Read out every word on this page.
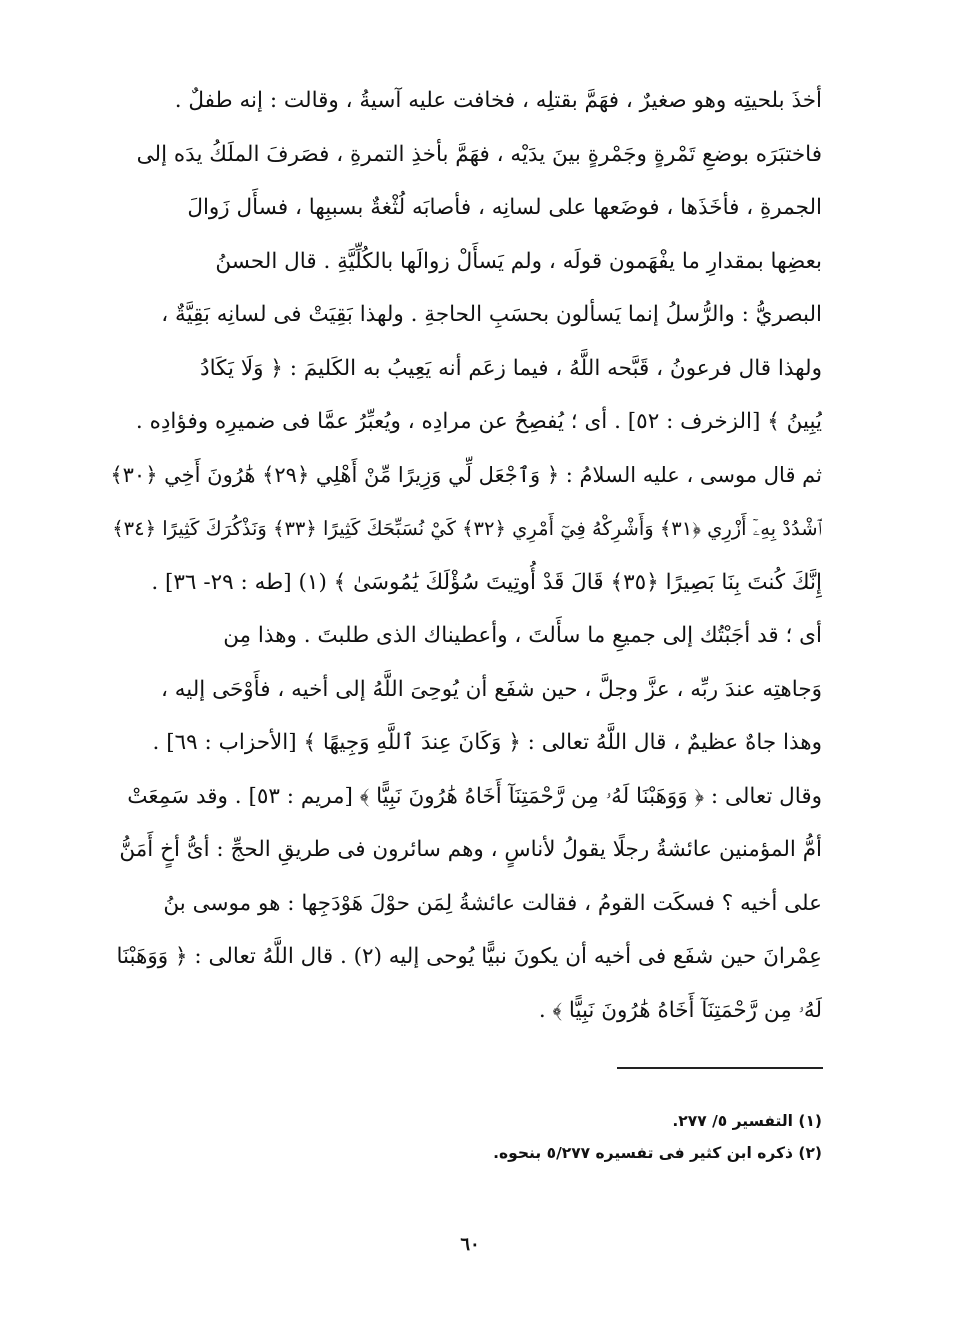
أخذَ بلحيتِه وهو صغيرٌ ، فهَمَّ بقتلِه ، فخافت عليه آسيةُ ، وقالت : إنه طفلٌ .
فاختبَرَه بوضعِ تَمْرةٍ وجَمْرةٍ بينَ يدَيْه ، فهَمَّ بأخذِ التمرةِ ، فصَرفَ الملَكُ يدَه إلى
الجمرةِ ، فأخَذَها ، فوضَعها على لسانِه ، فأصابَه لُثْغةٌ بسببِها ، فسأَل زَوالَ
بعضِها بمقدارِ ما يفْهَمون قولَه ، ولم يَسأَلْ زوالَها بالكُلِّيَّةِ . قال الحسنُ
البصريُّ : والرُّسلُ إنما يَسألون بحسَبِ الحاجةِ . ولهذا بَقِيَتْ فى لسانِه بَقِيَّةٌ ،
ولهذا قال فرعونُ ، قَبَّحه اللَّهُ ، فيما زعَم أنه يَعِيبُ به الكَليمَ : ﴿ وَلَا يَكَادُ
يُبِينُ ﴾ [الزخرف : ٥٢] . أى ؛ يُفصِحُ عن مرادِه ، ويُعبِّرُ عمَّا فى ضميرِه وفؤادِه .
ثم قال موسى ، عليه السلامُ : ﴿ وَٱجْعَل لِّي وَزِيرًا مِّنْ أَهْلِي ﴿٢٩﴾ هَٰرُونَ أَخِي ﴿٣٠﴾
ٱشْدُدْ بِهِۦٓ أَزْرِي ﴿٣١﴾ وَأَشْرِكْهُ فِيٓ أَمْرِي ﴿٣٢﴾ كَيْ نُسَبِّحَكَ كَثِيرًا ﴿٣٣﴾ وَنَذْكُرَكَ كَثِيرًا ﴿٣٤﴾
إِنَّكَ كُنتَ بِنَا بَصِيرًا ﴿٣٥﴾ قَالَ قَدْ أُوتِيتَ سُؤْلَكَ يَٰمُوسَىٰ ﴾ (١) [طه : ٢٩- ٣٦] .
أى ؛ قد أجَبْتُك إلى جميعِ ما سأَلتَ ، وأعطيناك الذى طلبتَ . وهذا مِن
وَجاهتِه عندَ ربِّه ، عزَّ وجلَّ ، حين شفَع أن يُوحِىَ اللَّهُ إلى أخيه ، فأَوْحَى إليه ،
وهذا جاهٌ عظيمٌ ، قال اللَّهُ تعالى : ﴿ وَكَانَ عِندَ ٱللَّهِ وَجِيهًا ﴾ [الأحزاب : ٦٩] .
وقال تعالى : ﴿ وَوَهَبْنَا لَهُۥ مِن رَّحْمَتِنَآ أَخَاهُ هَٰرُونَ نَبِيًّا ﴾ [مريم : ٥٣] . وقد سَمِعَتْ
أمُّ المؤمنين عائشةُ رجلًا يقولُ لأناسٍ ، وهم سائرون فى طريقِ الحجِّ : أىُّ أخٍ أَمَنُّ
على أخيه ؟ فسكَت القومُ ، فقالت عائشةُ لِمَن حوْلَ هَوْدَجِها : هو موسى بنُ
عِمْرانَ حين شفَع فى أخيه أن يكونَ نبيًّا يُوحى إليه (٢) . قال اللَّهُ تعالى : ﴿ وَوَهَبْنَا
لَهُۥ مِن رَّحْمَتِنَآ أَخَاهُ هَٰرُونَ نَبِيًّا ﴾ .
(١) التفسير ٥/ ٢٧٧.
(٢) ذكره ابن كثير فى تفسيره ٥/٢٧٧ بنحوه.
٦٠
